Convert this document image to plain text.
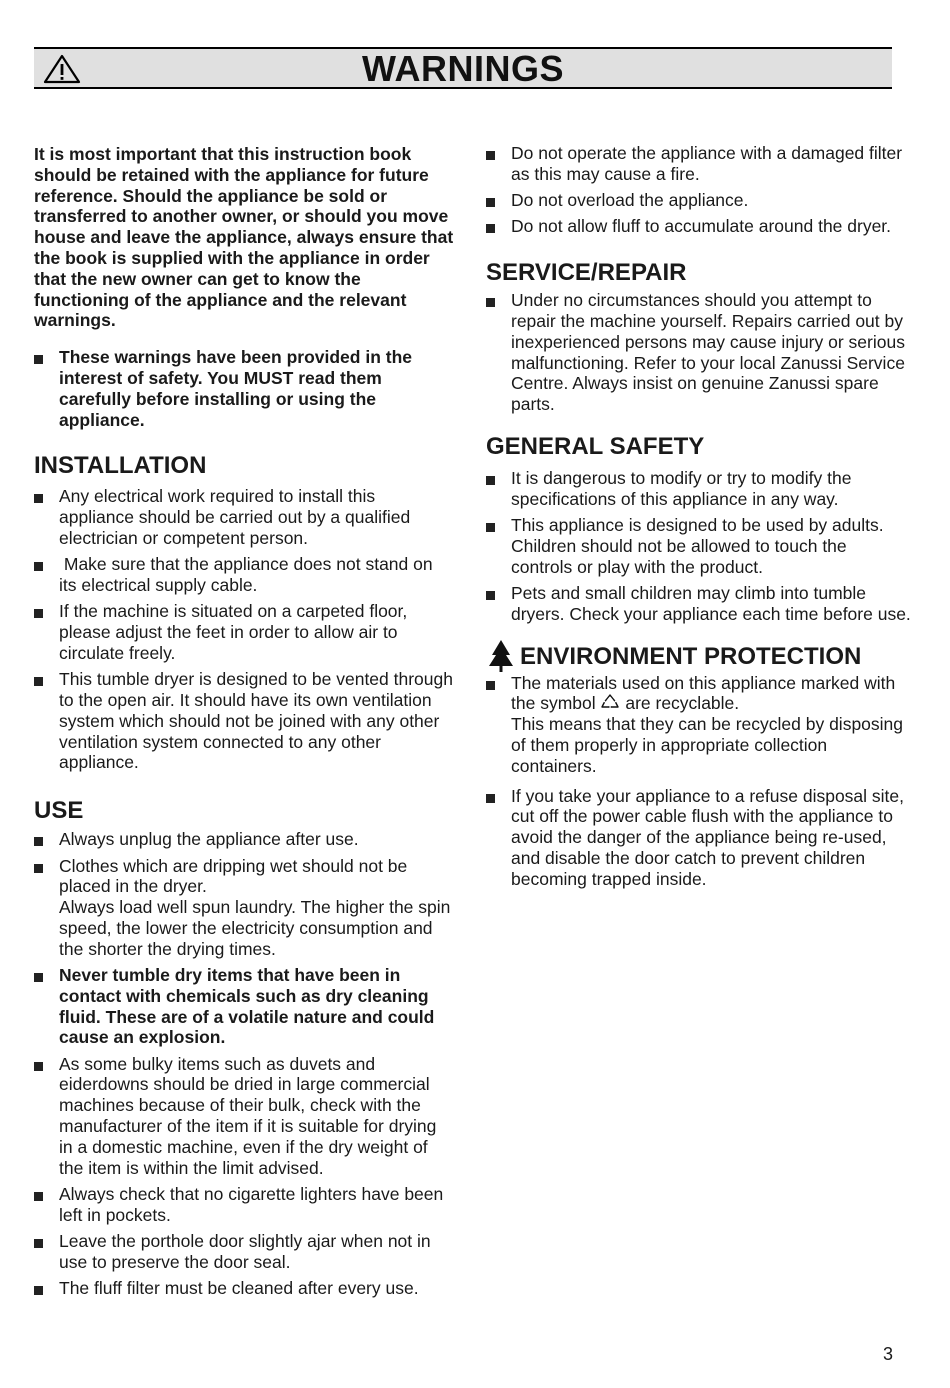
WARNINGS

It is most important that this instruction book should be retained with the appliance for future reference. Should the appliance be sold or transferred to another owner, or should you move house and leave the appliance, always ensure that the book is supplied with the appliance in order that the new owner can get to know the functioning of the appliance and the relevant warnings.

These warnings have been provided in the interest of safety. You MUST read them carefully before installing or using the appliance.
INSTALLATION
Any electrical work required to install this appliance should be carried out by a qualified electrician or competent person.
Make sure that the appliance does not stand on its electrical supply cable.
If the machine is situated on a carpeted floor, please adjust the feet in order to allow air to circulate freely.
This tumble dryer is designed to be vented through to the open air. It should have its own ventilation system which should not be joined with any other ventilation system connected to any other appliance.
USE
Always unplug the appliance after use.
Clothes which are dripping wet should not be placed in the dryer.
Always load well spun laundry. The higher the spin speed, the lower the electricity consumption and the shorter the drying times.
Never tumble dry items that have been in contact with chemicals such as dry cleaning fluid. These are of a volatile nature and could cause an explosion.
As some bulky items such as duvets and eiderdowns should be dried in large commercial machines because of their bulk, check with the manufacturer of the item if it is suitable for drying in a domestic machine, even if the dry weight of the item is within the limit advised.
Always check that no cigarette lighters have been left in pockets.
Leave the porthole door slightly ajar when not in use to preserve the door seal.
The fluff filter must be cleaned after every use.
Do not operate the appliance with a damaged filter as this may cause a fire.
Do not overload the appliance.
Do not allow fluff to accumulate around the dryer.
SERVICE/REPAIR
Under no circumstances should you attempt to repair the machine yourself. Repairs carried out by inexperienced persons may cause injury or serious malfunctioning. Refer to your local Zanussi Service Centre. Always insist on genuine Zanussi spare parts.
GENERAL SAFETY
It is dangerous to modify or try to modify the specifications of this appliance in any way.
This appliance is designed to be used by adults. Children should not be allowed to touch the controls or play with the product.
Pets and small children may climb into tumble dryers. Check your appliance each time before use.
ENVIRONMENT PROTECTION
The materials used on this appliance marked with  the symbol  are recyclable.
This means that they can be recycled by disposing of them properly in appropriate collection containers.
If you take your appliance to a refuse disposal site, cut off the power cable flush with the appliance to avoid the danger of the appliance being re-used, and disable the door catch to prevent children becoming trapped inside.
3
